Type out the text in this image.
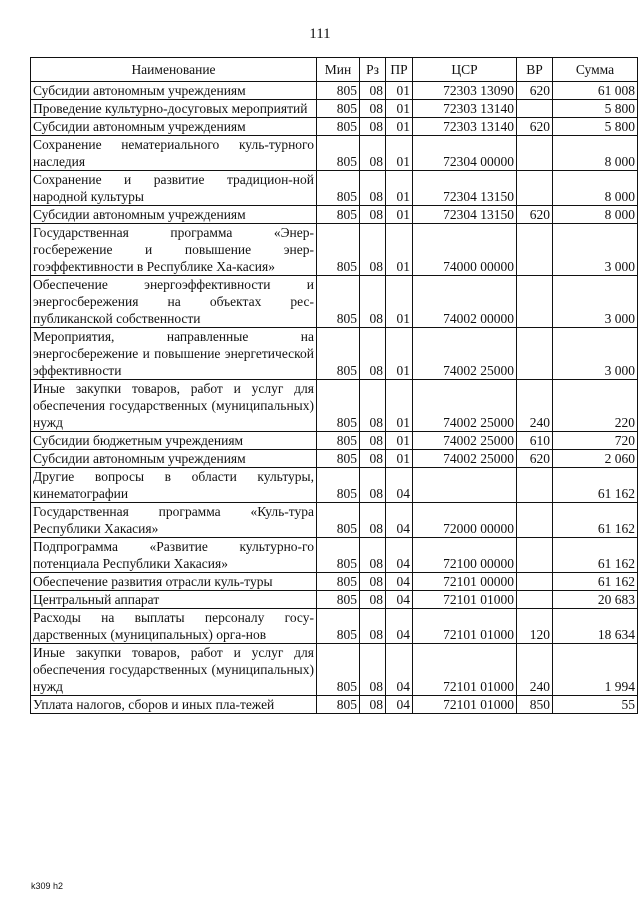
111
Наименование	Мин	Рз	ПР	ЦСР	ВР	Сумма
Субсидии автономным учреждениям	805	08	01	72303 13090	620	61 008
Проведение культурно-досуговых мероприятий	805	08	01	72303 13140		5 800
Субсидии автономным учреждениям	805	08	01	72303 13140	620	5 800
Сохранение нематериального куль-турного наследия	805	08	01	72304 00000		8 000
Сохранение и развитие традицион-ной народной культуры	805	08	01	72304 13150		8 000
Субсидии автономным учреждениям	805	08	01	72304 13150	620	8 000
Государственная программа «Энер-госбережение и повышение энер-гоэффективности в Республике Ха-касия»	805	08	01	74000 00000		3 000
Обеспечение энергоэффективности и энергосбережения на объектах рес-публиканской собственности	805	08	01	74002 00000		3 000
Мероприятия, направленные на энергосбережение и повышение энергетической эффективности	805	08	01	74002 25000		3 000
Иные закупки товаров, работ и услуг для обеспечения государственных (муниципальных) нужд	805	08	01	74002 25000	240	220
Субсидии бюджетным учреждениям	805	08	01	74002 25000	610	720
Субсидии автономным учреждениям	805	08	01	74002 25000	620	2 060
Другие вопросы в области культуры, кинематографии	805	08	04			61 162
Государственная программа «Куль-тура Республики Хакасия»	805	08	04	72000 00000		61 162
Подпрограмма «Развитие культурно-го потенциала Республики Хакасия»	805	08	04	72100 00000		61 162
Обеспечение развития отрасли куль-туры	805	08	04	72101 00000		61 162
Центральный аппарат	805	08	04	72101 01000		20 683
Расходы на выплаты персоналу госу-дарственных (муниципальных) орга-нов	805	08	04	72101 01000	120	18 634
Иные закупки товаров, работ и услуг для обеспечения государственных (муниципальных) нужд	805	08	04	72101 01000	240	1 994
Уплата налогов, сборов и иных пла-тежей	805	08	04	72101 01000	850	55
k309 h2
